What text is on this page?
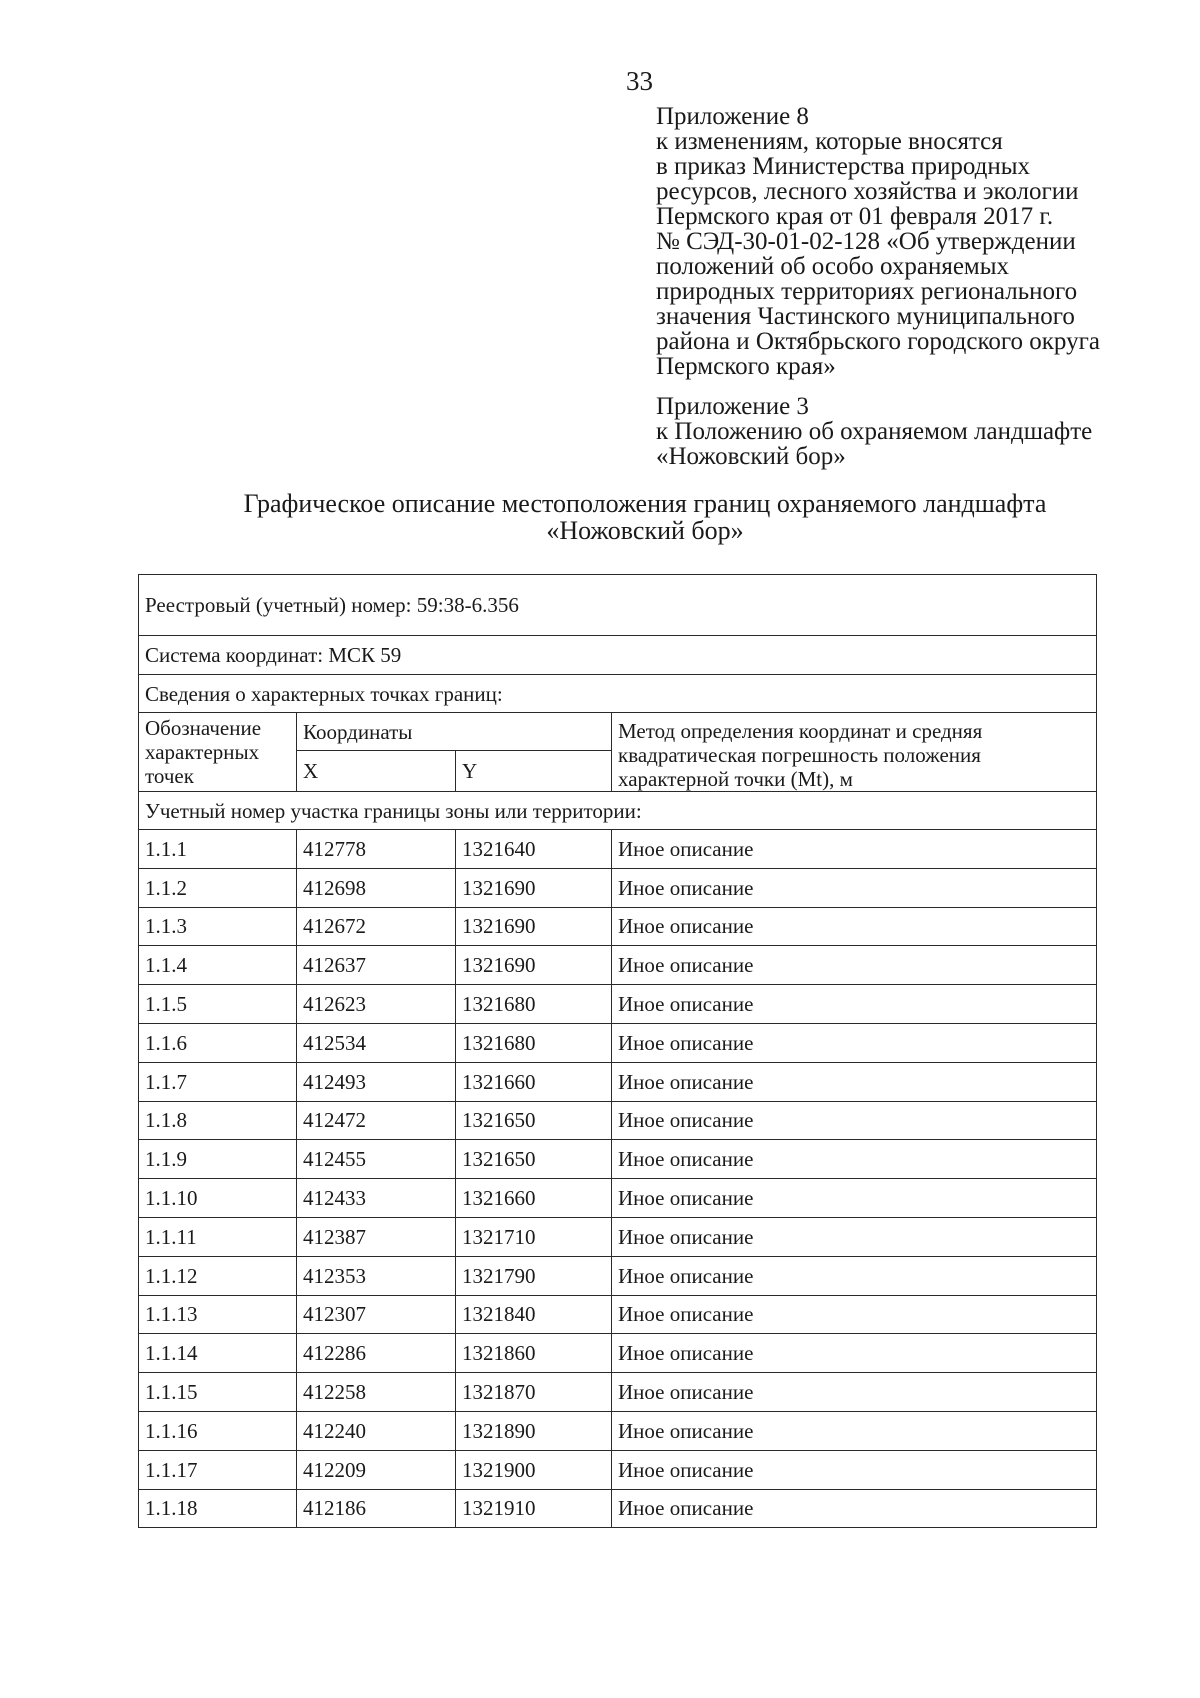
33
Приложение 8
к изменениям, которые вносятся
в приказ Министерства природных
ресурсов, лесного хозяйства и экологии
Пермского края от 01 февраля 2017 г.
№ СЭД-30-01-02-128 «Об утверждении
положений об особо охраняемых
природных территориях регионального
значения Частинского муниципального
района и Октябрьского городского округа
Пермского края»
Приложение 3
к Положению об охраняемом ландшафте
«Ножовский бор»
Графическое описание местоположения границ охраняемого ландшафта
«Ножовский бор»
Реестровый (учетный) номер: 59:38-6.356			
Система координат: МСК 59			
Сведения о характерных точках границ:			
Обозначение характерных точек	Координаты		Метод определения координат и средняя квадратическая погрешность положения характерной точки (Mt), м
	X	Y	
Учетный номер участка границы зоны или территории:			
1.1.1	412778	1321640	Иное описание
1.1.2	412698	1321690	Иное описание
1.1.3	412672	1321690	Иное описание
1.1.4	412637	1321690	Иное описание
1.1.5	412623	1321680	Иное описание
1.1.6	412534	1321680	Иное описание
1.1.7	412493	1321660	Иное описание
1.1.8	412472	1321650	Иное описание
1.1.9	412455	1321650	Иное описание
1.1.10	412433	1321660	Иное описание
1.1.11	412387	1321710	Иное описание
1.1.12	412353	1321790	Иное описание
1.1.13	412307	1321840	Иное описание
1.1.14	412286	1321860	Иное описание
1.1.15	412258	1321870	Иное описание
1.1.16	412240	1321890	Иное описание
1.1.17	412209	1321900	Иное описание
1.1.18	412186	1321910	Иное описание
